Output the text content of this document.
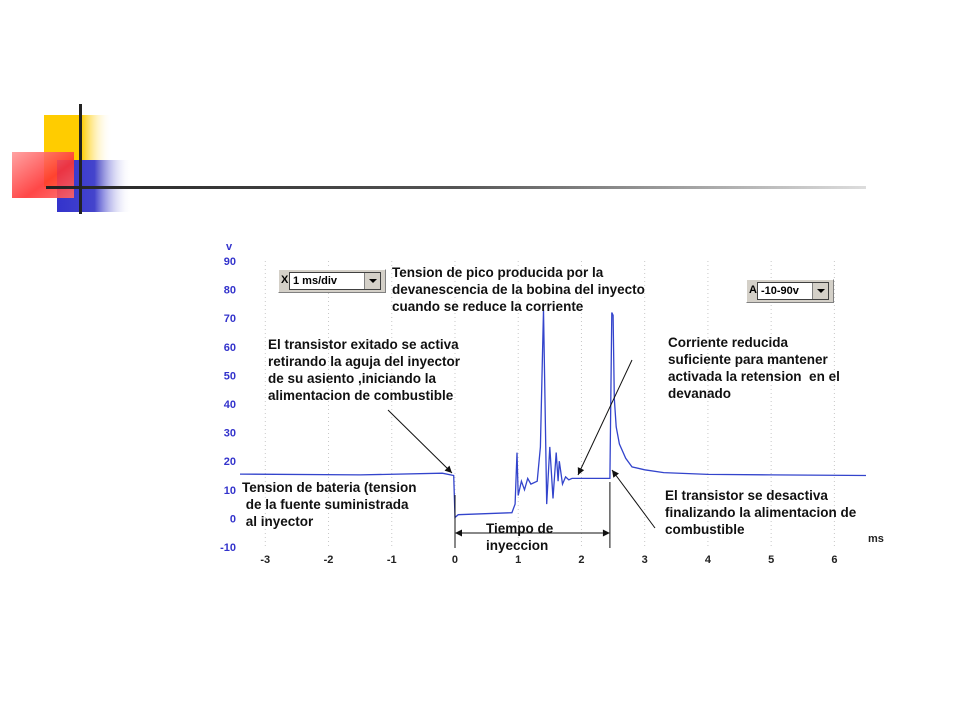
90
80
70
60
50
40
30
20
10
0
-10
-3	-2	-1	0	1	2	3	4	5	6
v
ms
X 1 ms/div
A -10-90v

Tension de pico producida por la
devanescencia de la bobina del inyecto
cuando se reduce la corriente

El transistor exitado se activa
retirando la aguja del inyector
de su asiento ,iniciando la
alimentacion de combustible

Corriente reducida
suficiente para mantener
activada la retension  en el
devanado

Tension de bateria (tension
de la fuente suministrada
al inyector	Tiempo de
inyeccion

El transistor se desactiva
finalizando la alimentacion de
combustible
